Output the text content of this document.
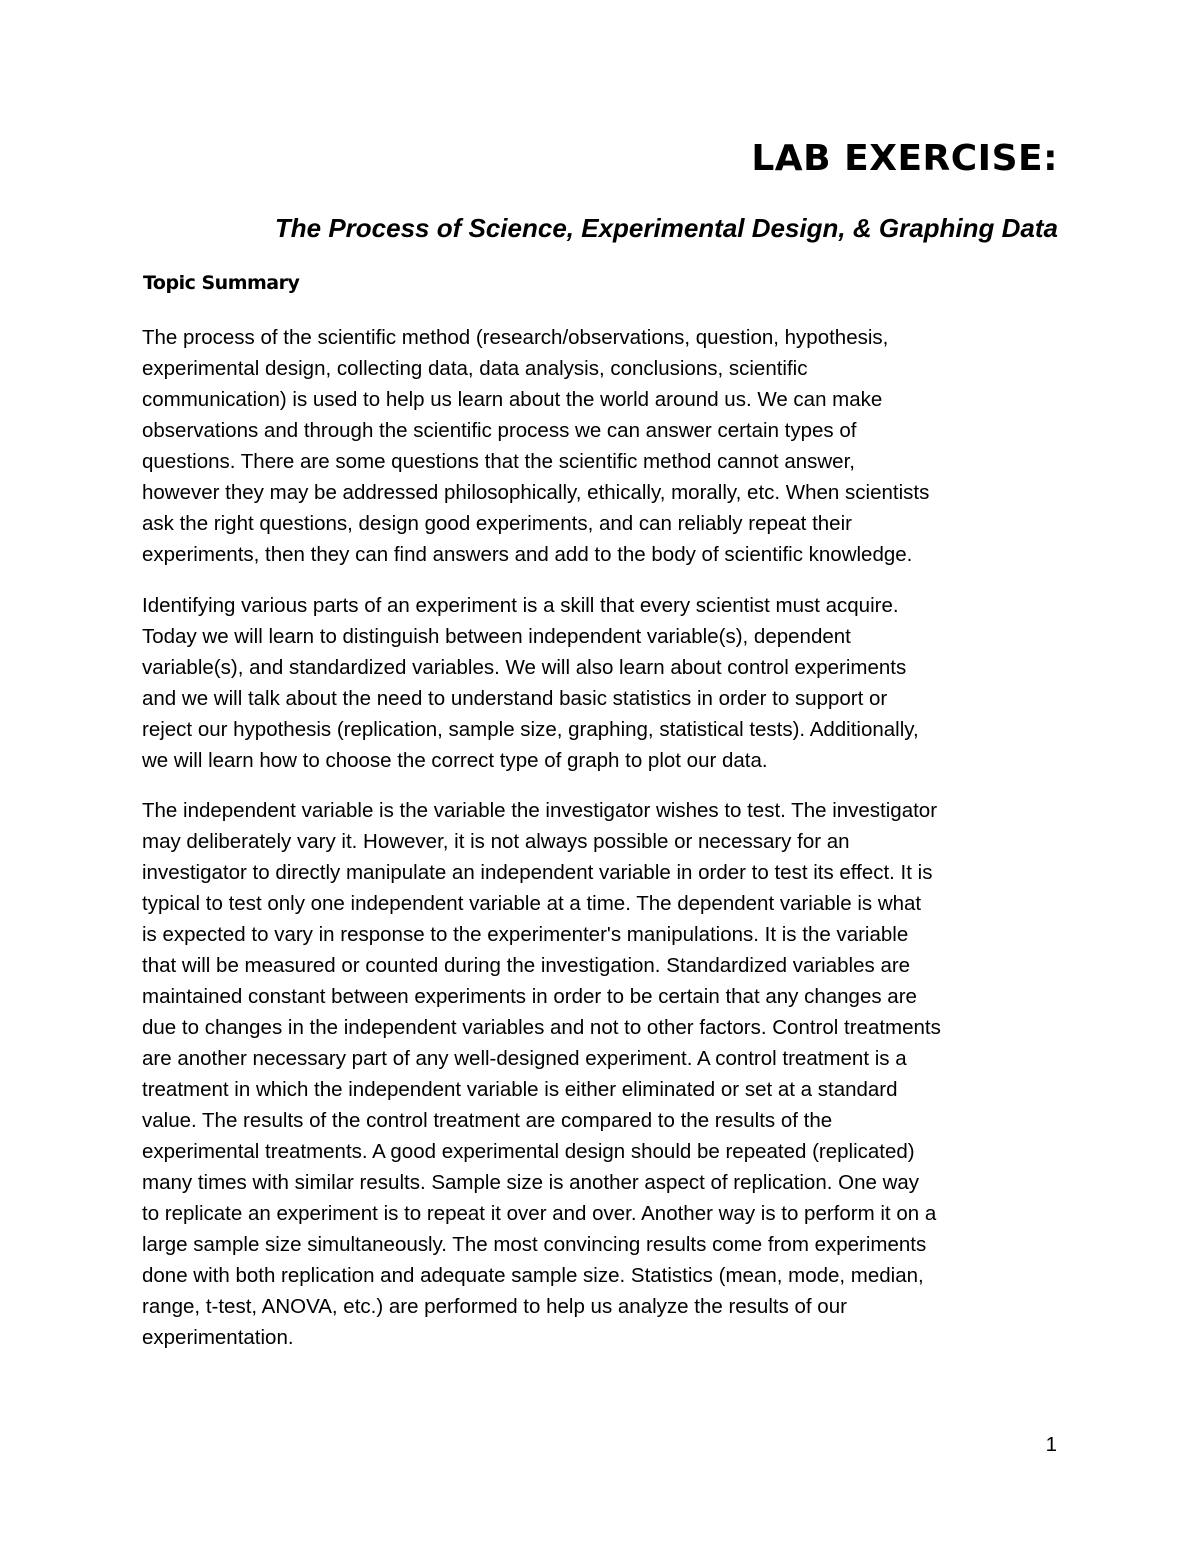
LAB EXERCISE:
The Process of Science, Experimental Design, & Graphing Data
Topic Summary

The process of the scientific method (research/observations, question, hypothesis,
experimental design, collecting data, data analysis, conclusions, scientific
communication) is used to help us learn about the world around us. We can make
observations and through the scientific process we can answer certain types of
questions. There are some questions that the scientific method cannot answer,
however they may be addressed philosophically, ethically, morally, etc. When scientists
ask the right questions, design good experiments, and can reliably repeat their
experiments, then they can find answers and add to the body of scientific knowledge.

Identifying various parts of an experiment is a skill that every scientist must acquire.
Today we will learn to distinguish between independent variable(s), dependent
variable(s), and standardized variables. We will also learn about control experiments
and we will talk about the need to understand basic statistics in order to support or
reject our hypothesis (replication, sample size, graphing, statistical tests). Additionally,
we will learn how to choose the correct type of graph to plot our data.

The independent variable is the variable the investigator wishes to test. The investigator
may deliberately vary it. However, it is not always possible or necessary for an
investigator to directly manipulate an independent variable in order to test its effect. It is
typical to test only one independent variable at a time. The dependent variable is what
is expected to vary in response to the experimenter's manipulations. It is the variable
that will be measured or counted during the investigation. Standardized variables are
maintained constant between experiments in order to be certain that any changes are
due to changes in the independent variables and not to other factors. Control treatments
are another necessary part of any well-designed experiment. A control treatment is a
treatment in which the independent variable is either eliminated or set at a standard
value. The results of the control treatment are compared to the results of the
experimental treatments. A good experimental design should be repeated (replicated)
many times with similar results. Sample size is another aspect of replication. One way
to replicate an experiment is to repeat it over and over. Another way is to perform it on a
large sample size simultaneously. The most convincing results come from experiments
done with both replication and adequate sample size. Statistics (mean, mode, median,
range, t-test, ANOVA, etc.) are performed to help us analyze the results of our
experimentation.

1
